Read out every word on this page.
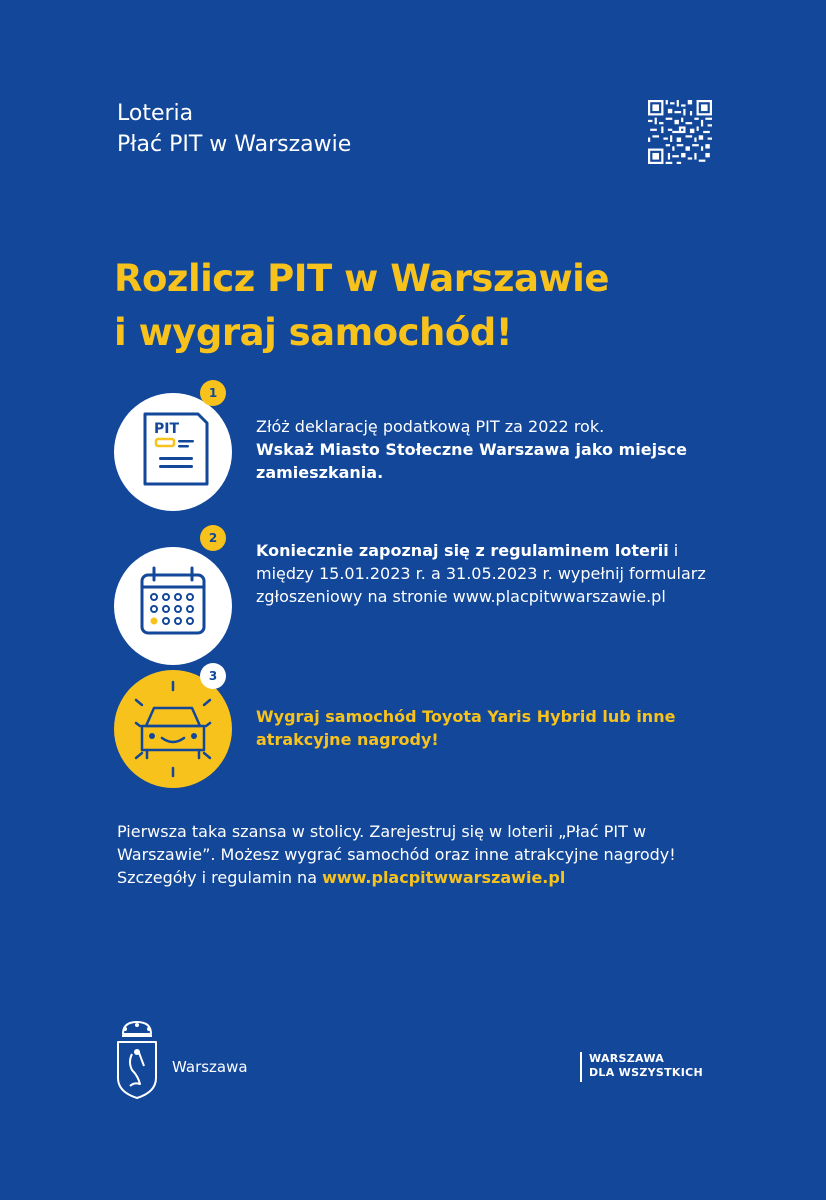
Loteria
Płać PIT w Warszawie
Rozlicz PIT w Warszawie
i wygraj samochód!
PIT
1
Złóż deklarację podatkową PIT za 2022 rok.
Wskaż Miasto Stołeczne Warszawa jako miejsce zamieszkania.
2
Koniecznie zapoznaj się z regulaminem loterii i między 15.01.2023 r. a 31.05.2023 r. wypełnij formularz zgłoszeniowy na stronie www.placpitwwarszawie.pl
3
Wygraj samochód Toyota Yaris Hybrid lub inne atrakcyjne nagrody!
Pierwsza taka szansa w stolicy. Zarejestruj się w loterii „Płać PIT w Warszawie”. Możesz wygrać samochód oraz inne atrakcyjne nagrody! Szczegóły i regulamin na www.placpitwwarszawie.pl
Warszawa	WARSZAWA
DLA WSZYSTKICH
